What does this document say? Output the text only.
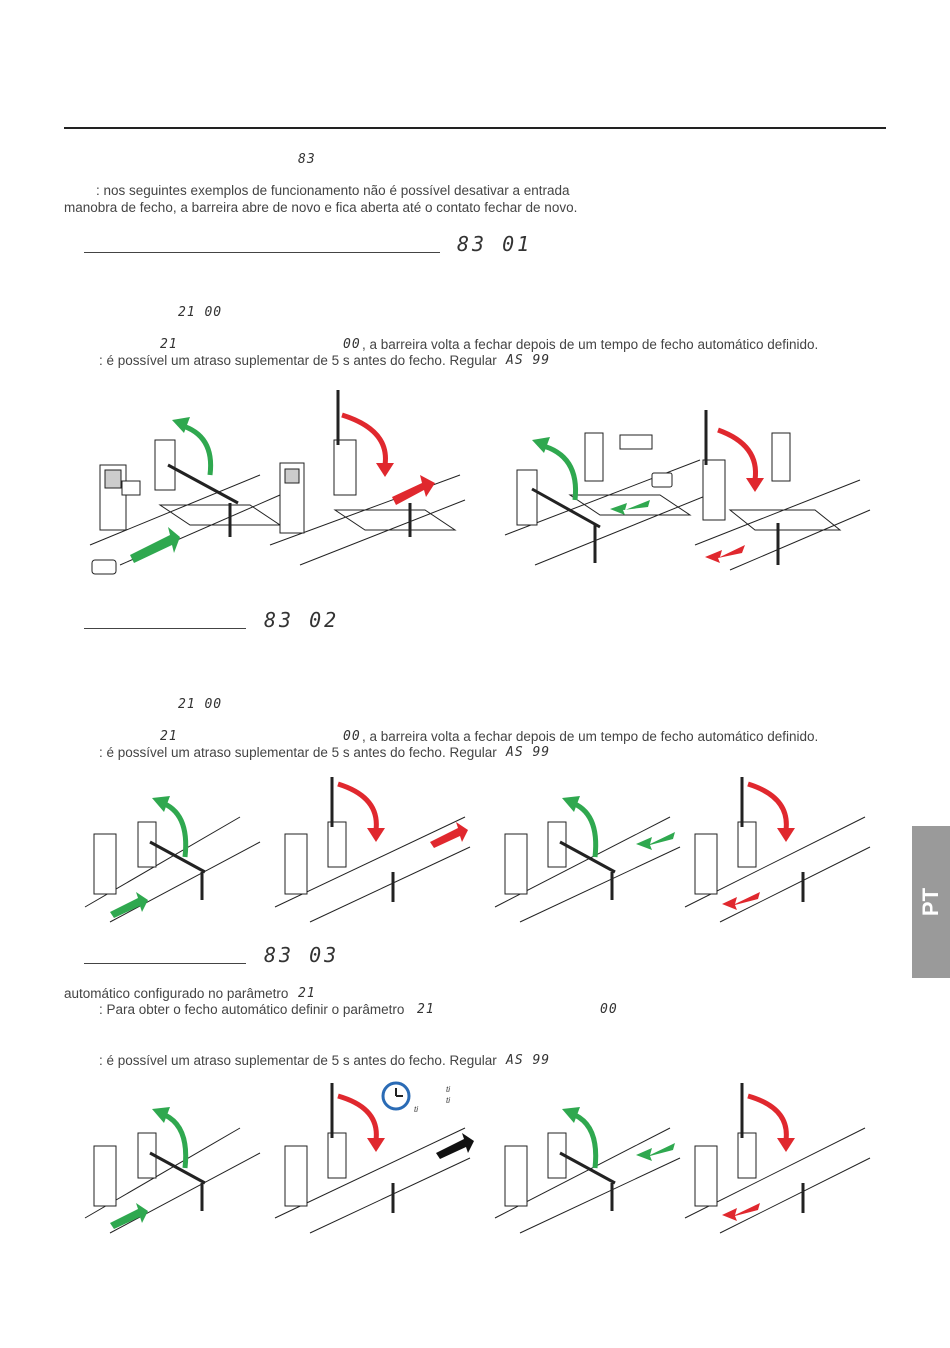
83
: nos seguintes exemplos de funcionamento não é possível desativar a entrada
manobra de fecho, a barreira abre de novo e fica aberta até o contato fechar de novo.
83 01
21 00
21	00 , a barreira volta a fechar depois de um tempo de fecho automático definido.
: é possível um atraso suplementar de 5 s antes do fecho. Regular AS 99
83 02
21 00
21	00 , a barreira volta a fechar depois de um tempo de fecho automático definido.
: é possível um atraso suplementar de 5 s antes do fecho. Regular AS 99
83 03
automático configurado no parâmetro 21
: Para obter o fecho automático definir o parâmetro 21	00
: é possível um atraso suplementar de 5 s antes do fecho. Regular AS 99
ti
ti
ti
PT
